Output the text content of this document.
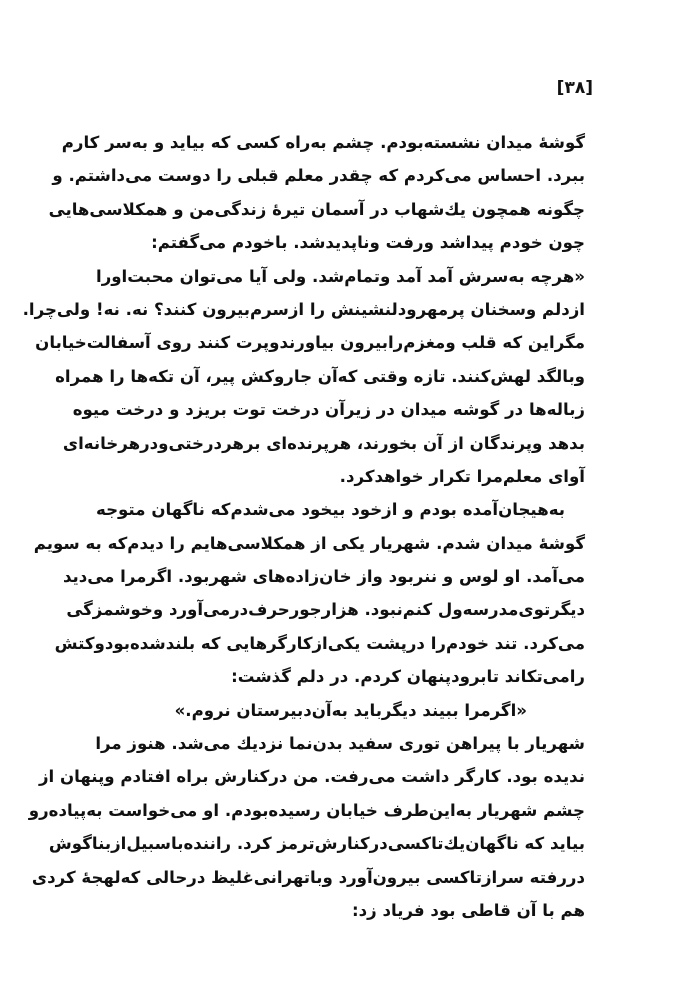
[۳۸]
گوشهٔ میدان نشسته‌بودم. چشم به‌راه کسی که بیاید و به‌سر کارم
ببرد. احساس می‌کردم که چقدر معلم قبلی را دوست می‌داشتم. و
چگونه همچون یك‌شهاب در آسمان تیرهٔ زندگی‌من و همکلاسی‌هایی
چون خودم پیداشد ورفت وناپدیدشد. باخودم می‌گفتم:
«هرچه به‌سرش آمد آمد وتمام‌شد. ولی آیا می‌توان محبت‌اورا
ازدلم وسخنان پرمهرودلنشینش را ازسرم‌بیرون کنند؟ نه. نه! ولی‌چرا.
مگراین که قلب ومغزم‌رابیرون بیاورندوپرت کنند روی آسفالت‌خیابان
وبالگد لهش‌کنند. تازه وقتی که‌آن جاروکش پیر، آن تکه‌ها را همراه
زباله‌ها در گوشه میدان در زیرآن درخت توت بریزد و درخت میوه
بدهد وپرندگان از آن بخورند، هرپرنده‌ای برهردرختی‌ودرهرخانه‌ای
آوای معلم‌مرا تکرار خواهدکرد.
به‌هیجان‌آمده بودم و ازخود بیخود می‌شدم‌که ناگهان متوجه
گوشهٔ میدان شدم. شهریار یکی از همکلاسی‌هایم را دیدم‌که به سویم
می‌آمد. او لوس و ننربود واز خان‌زاده‌های شهربود. اگرمرا می‌دید
دیگرتوی‌مدرسه‌ول کنم‌نبود. هزارجورحرف‌درمی‌آورد وخوشمزگی
می‌کرد. تند خودم‌را درپشت یکی‌ازکارگرهایی که بلندشده‌بودوکتش
رامی‌تکاند تابرودپنهان کردم. در دلم گذشت:
«اگرمرا ببیند دیگرباید به‌آن‌دبیرستان نروم.»
شهریار با پیراهن توری سفید بدن‌نما نزدیك می‌شد. هنوز مرا
ندیده بود. کارگر داشت می‌رفت. من درکنارش براه افتادم وپنهان از
چشم شهریار به‌این‌طرف خیابان رسیده‌بودم. او می‌خواست به‌پیاده‌رو
بیاید که ناگهان‌یك‌تاکسی‌درکنارش‌ترمز کرد. راننده‌باسبیل‌ازبناگوش
دررفته سرازتاکسی بیرون‌آورد وباتهرانی‌غلیظ درحالی که‌لهجهٔ کردی
هم با آن قاطی بود فریاد زد:
